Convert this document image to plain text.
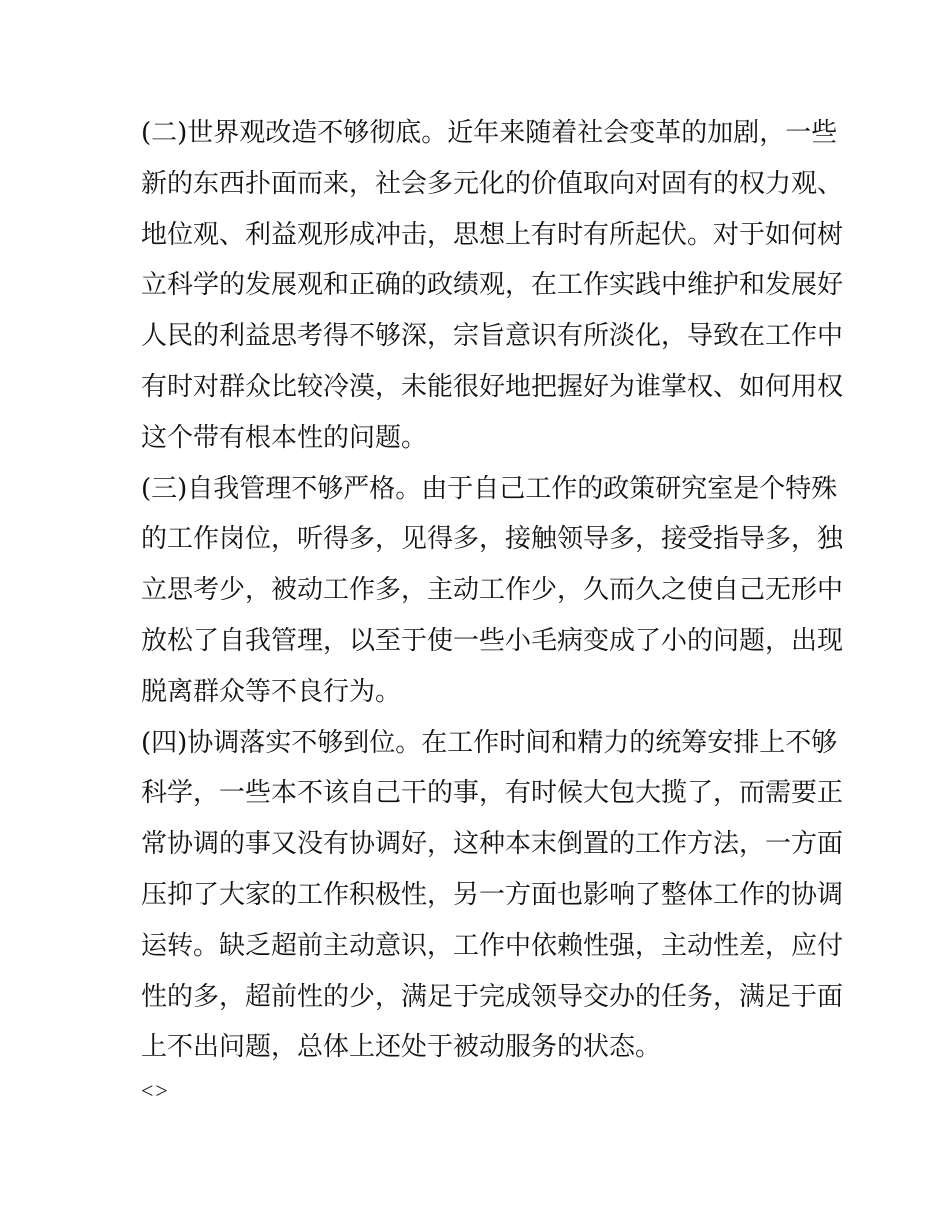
(二)世界观改造不够彻底。近年来随着社会变革的加剧，一些
新的东西扑面而来，社会多元化的价值取向对固有的权力观、
地位观、利益观形成冲击，思想上有时有所起伏。对于如何树
立科学的发展观和正确的政绩观，在工作实践中维护和发展好
人民的利益思考得不够深，宗旨意识有所淡化，导致在工作中
有时对群众比较冷漠，未能很好地把握好为谁掌权、如何用权
这个带有根本性的问题。
(三)自我管理不够严格。由于自己工作的政策研究室是个特殊
的工作岗位，听得多，见得多，接触领导多，接受指导多，独
立思考少，被动工作多，主动工作少，久而久之使自己无形中
放松了自我管理，以至于使一些小毛病变成了小的问题，出现
脱离群众等不良行为。
(四)协调落实不够到位。在工作时间和精力的统筹安排上不够
科学，一些本不该自己干的事，有时候大包大揽了，而需要正
常协调的事又没有协调好，这种本末倒置的工作方法，一方面
压抑了大家的工作积极性，另一方面也影响了整体工作的协调
运转。缺乏超前主动意识，工作中依赖性强，主动性差，应付
性的多，超前性的少，满足于完成领导交办的任务，满足于面
上不出问题，总体上还处于被动服务的状态。
<>
